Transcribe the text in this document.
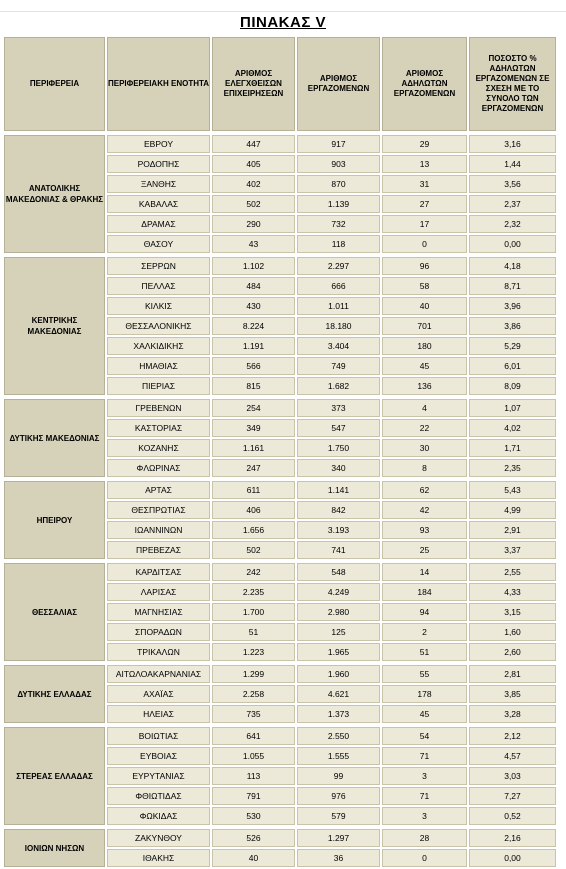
ΠΙΝΑΚΑΣ V
ΠΕΡΙΦΕΡΕΙΑ	ΠΕΡΙΦΕΡΕΙΑΚΗ ΕΝΟΤΗΤΑ	ΑΡΙΘΜΟΣ ΕΛΕΓΧΘΕΙΣΩΝ ΕΠΙΧΕΙΡΗΣΕΩΝ	ΑΡΙΘΜΟΣ ΕΡΓΑΖΟΜΕΝΩΝ	ΑΡΙΘΜΟΣ ΑΔΗΛΩΤΩΝ ΕΡΓΑΖΟΜΕΝΩΝ	ΠΟΣΟΣΤΟ % ΑΔΗΛΩΤΩΝ ΕΡΓΑΖΟΜΕΝΩΝ ΣΕ ΣΧΕΣΗ ΜΕ ΤΟ ΣΥΝΟΛΟ ΤΩΝ ΕΡΓΑΖΟΜΕΝΩΝ

ΑΝΑΤΟΛΙΚΗΣ ΜΑΚΕΔΟΝΙΑΣ & ΘΡΑΚΗΣ	ΕΒΡΟΥ	447	917	29	3,16
	ΡΟΔΟΠΗΣ	405	903	13	1,44
	ΞΑΝΘΗΣ	402	870	31	3,56
	ΚΑΒΑΛΑΣ	502	1.139	27	2,37
	ΔΡΑΜΑΣ	290	732	17	2,32
	ΘΑΣΟΥ	43	118	0	0,00

ΚΕΝΤΡΙΚΗΣ ΜΑΚΕΔΟΝΙΑΣ	ΣΕΡΡΩΝ	1.102	2.297	96	4,18
	ΠΕΛΛΑΣ	484	666	58	8,71
	ΚΙΛΚΙΣ	430	1.011	40	3,96
	ΘΕΣΣΑΛΟΝΙΚΗΣ	8.224	18.180	701	3,86
	ΧΑΛΚΙΔΙΚΗΣ	1.191	3.404	180	5,29
	ΗΜΑΘΙΑΣ	566	749	45	6,01
	ΠΙΕΡΙΑΣ	815	1.682	136	8,09

ΔΥΤΙΚΗΣ ΜΑΚΕΔΟΝΙΑΣ	ΓΡΕΒΕΝΩΝ	254	373	4	1,07
	ΚΑΣΤΟΡΙΑΣ	349	547	22	4,02
	ΚΟΖΑΝΗΣ	1.161	1.750	30	1,71
	ΦΛΩΡΙΝΑΣ	247	340	8	2,35

ΗΠΕΙΡΟΥ	ΑΡΤΑΣ	611	1.141	62	5,43
	ΘΕΣΠΡΩΤΙΑΣ	406	842	42	4,99
	ΙΩΑΝΝΙΝΩΝ	1.656	3.193	93	2,91
	ΠΡΕΒΕΖΑΣ	502	741	25	3,37

ΘΕΣΣΑΛΙΑΣ	ΚΑΡΔΙΤΣΑΣ	242	548	14	2,55
	ΛΑΡΙΣΑΣ	2.235	4.249	184	4,33
	ΜΑΓΝΗΣΙΑΣ	1.700	2.980	94	3,15
	ΣΠΟΡΑΔΩΝ	51	125	2	1,60
	ΤΡΙΚΑΛΩΝ	1.223	1.965	51	2,60

ΔΥΤΙΚΗΣ ΕΛΛΑΔΑΣ	ΑΙΤΩΛΟΑΚΑΡΝΑΝΙΑΣ	1.299	1.960	55	2,81
	ΑΧΑΪΑΣ	2.258	4.621	178	3,85
	ΗΛΕΙΑΣ	735	1.373	45	3,28

ΣΤΕΡΕΑΣ ΕΛΛΑΔΑΣ	ΒΟΙΩΤΙΑΣ	641	2.550	54	2,12
	ΕΥΒΟΙΑΣ	1.055	1.555	71	4,57
	ΕΥΡΥΤΑΝΙΑΣ	113	99	3	3,03
	ΦΘΙΩΤΙΔΑΣ	791	976	71	7,27
	ΦΩΚΙΔΑΣ	530	579	3	0,52

ΙΟΝΙΩΝ ΝΗΣΩΝ	ΖΑΚΥΝΘΟΥ	526	1.297	28	2,16
	ΙΘΑΚΗΣ	40	36	0	0,00
